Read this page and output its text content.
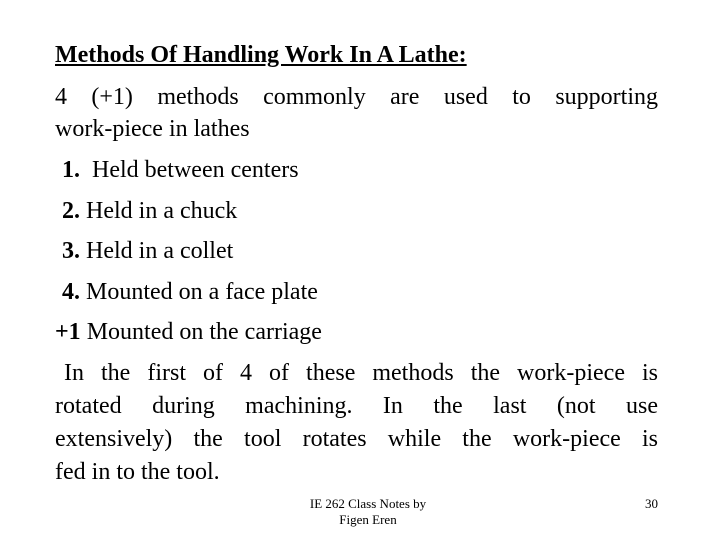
Methods Of Handling Work In A Lathe:
4 (+1) methods commonly are used to supporting
work-piece in lathes
1. Held between centers
2. Held in a chuck
3. Held in a collet
4. Mounted on a face plate
+1 Mounted on the carriage
In the first of 4 of these methods the work-piece is
rotated during machining. In the last (not use
extensively) the tool rotates while the work-piece is
fed in to the tool.
IE 262 Class Notes by Figen Eren
30
